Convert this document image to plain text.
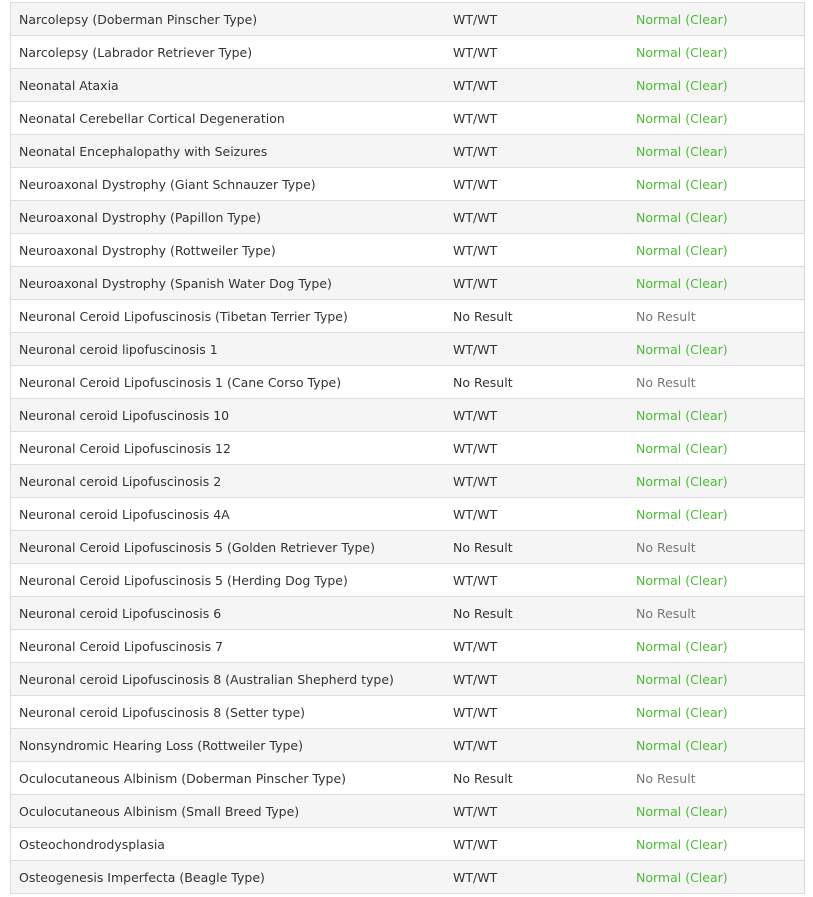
Narcolepsy (Doberman Pinscher Type)	WT/WT	Normal (Clear)
Narcolepsy (Labrador Retriever Type)	WT/WT	Normal (Clear)
Neonatal Ataxia	WT/WT	Normal (Clear)
Neonatal Cerebellar Cortical Degeneration	WT/WT	Normal (Clear)
Neonatal Encephalopathy with Seizures	WT/WT	Normal (Clear)
Neuroaxonal Dystrophy (Giant Schnauzer Type)	WT/WT	Normal (Clear)
Neuroaxonal Dystrophy (Papillon Type)	WT/WT	Normal (Clear)
Neuroaxonal Dystrophy (Rottweiler Type)	WT/WT	Normal (Clear)
Neuroaxonal Dystrophy (Spanish Water Dog Type)	WT/WT	Normal (Clear)
Neuronal Ceroid Lipofuscinosis (Tibetan Terrier Type)	No Result	No Result
Neuronal ceroid lipofuscinosis 1	WT/WT	Normal (Clear)
Neuronal Ceroid Lipofuscinosis 1 (Cane Corso Type)	No Result	No Result
Neuronal ceroid Lipofuscinosis 10	WT/WT	Normal (Clear)
Neuronal Ceroid Lipofuscinosis 12	WT/WT	Normal (Clear)
Neuronal ceroid Lipofuscinosis 2	WT/WT	Normal (Clear)
Neuronal ceroid Lipofuscinosis 4A	WT/WT	Normal (Clear)
Neuronal Ceroid Lipofuscinosis 5 (Golden Retriever Type)	No Result	No Result
Neuronal Ceroid Lipofuscinosis 5 (Herding Dog Type)	WT/WT	Normal (Clear)
Neuronal ceroid Lipofuscinosis 6	No Result	No Result
Neuronal Ceroid Lipofuscinosis 7	WT/WT	Normal (Clear)
Neuronal ceroid Lipofuscinosis 8 (Australian Shepherd type)	WT/WT	Normal (Clear)
Neuronal ceroid Lipofuscinosis 8 (Setter type)	WT/WT	Normal (Clear)
Nonsyndromic Hearing Loss (Rottweiler Type)	WT/WT	Normal (Clear)
Oculocutaneous Albinism (Doberman Pinscher Type)	No Result	No Result
Oculocutaneous Albinism (Small Breed Type)	WT/WT	Normal (Clear)
Osteochondrodysplasia	WT/WT	Normal (Clear)
Osteogenesis Imperfecta (Beagle Type)	WT/WT	Normal (Clear)
